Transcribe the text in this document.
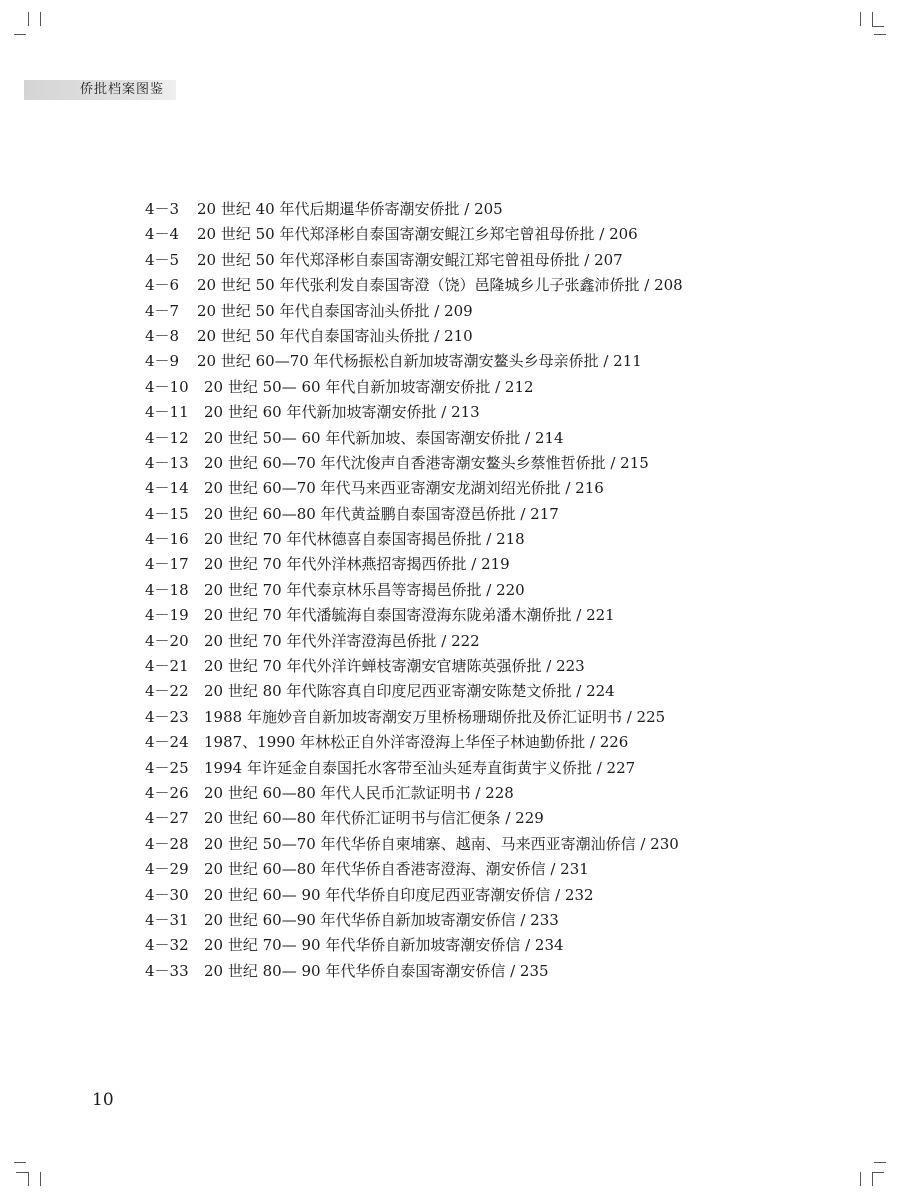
侨批档案图鉴
4－3 20 世纪 40 年代后期暹华侨寄潮安侨批 / 205
4－4 20 世纪 50 年代郑泽彬自泰国寄潮安鲲江乡郑宅曾祖母侨批 / 206
4－5 20 世纪 50 年代郑泽彬自泰国寄潮安鲲江郑宅曾祖母侨批 / 207
4－6 20 世纪 50 年代张利发自泰国寄澄（饶）邑隆城乡儿子张鑫沛侨批 / 208
4－7 20 世纪 50 年代自泰国寄汕头侨批 / 209
4－8 20 世纪 50 年代自泰国寄汕头侨批 / 210
4－9 20 世纪 60—70 年代杨振松自新加坡寄潮安鳌头乡母亲侨批 / 211
4－10 20 世纪 50— 60 年代自新加坡寄潮安侨批 / 212
4－11 20 世纪 60 年代新加坡寄潮安侨批 / 213
4－12 20 世纪 50— 60 年代新加坡、泰国寄潮安侨批 / 214
4－13 20 世纪 60—70 年代沈俊声自香港寄潮安鳌头乡蔡惟哲侨批 / 215
4－14 20 世纪 60—70 年代马来西亚寄潮安龙湖刘绍光侨批 / 216
4－15 20 世纪 60—80 年代黄益鹏自泰国寄澄邑侨批 / 217
4－16 20 世纪 70 年代林德喜自泰国寄揭邑侨批 / 218
4－17 20 世纪 70 年代外洋林燕招寄揭西侨批 / 219
4－18 20 世纪 70 年代泰京林乐昌等寄揭邑侨批 / 220
4－19 20 世纪 70 年代潘毓海自泰国寄澄海东陇弟潘木潮侨批 / 221
4－20 20 世纪 70 年代外洋寄澄海邑侨批 / 222
4－21 20 世纪 70 年代外洋许蝉枝寄潮安官塘陈英强侨批 / 223
4－22 20 世纪 80 年代陈容真自印度尼西亚寄潮安陈楚文侨批 / 224
4－23 1988 年施妙音自新加坡寄潮安万里桥杨珊瑚侨批及侨汇证明书 / 225
4－24 1987、1990 年林松正自外洋寄澄海上华侄子林迪勤侨批 / 226
4－25 1994 年许延金自泰国托水客带至汕头延寿直街黄宇义侨批 / 227
4－26 20 世纪 60—80 年代人民币汇款证明书 / 228
4－27 20 世纪 60—80 年代侨汇证明书与信汇便条 / 229
4－28 20 世纪 50—70 年代华侨自柬埔寨、越南、马来西亚寄潮汕侨信 / 230
4－29 20 世纪 60—80 年代华侨自香港寄澄海、潮安侨信 / 231
4－30 20 世纪 60— 90 年代华侨自印度尼西亚寄潮安侨信 / 232
4－31 20 世纪 60—90 年代华侨自新加坡寄潮安侨信 / 233
4－32 20 世纪 70— 90 年代华侨自新加坡寄潮安侨信 / 234
4－33 20 世纪 80— 90 年代华侨自泰国寄潮安侨信 / 235
10
